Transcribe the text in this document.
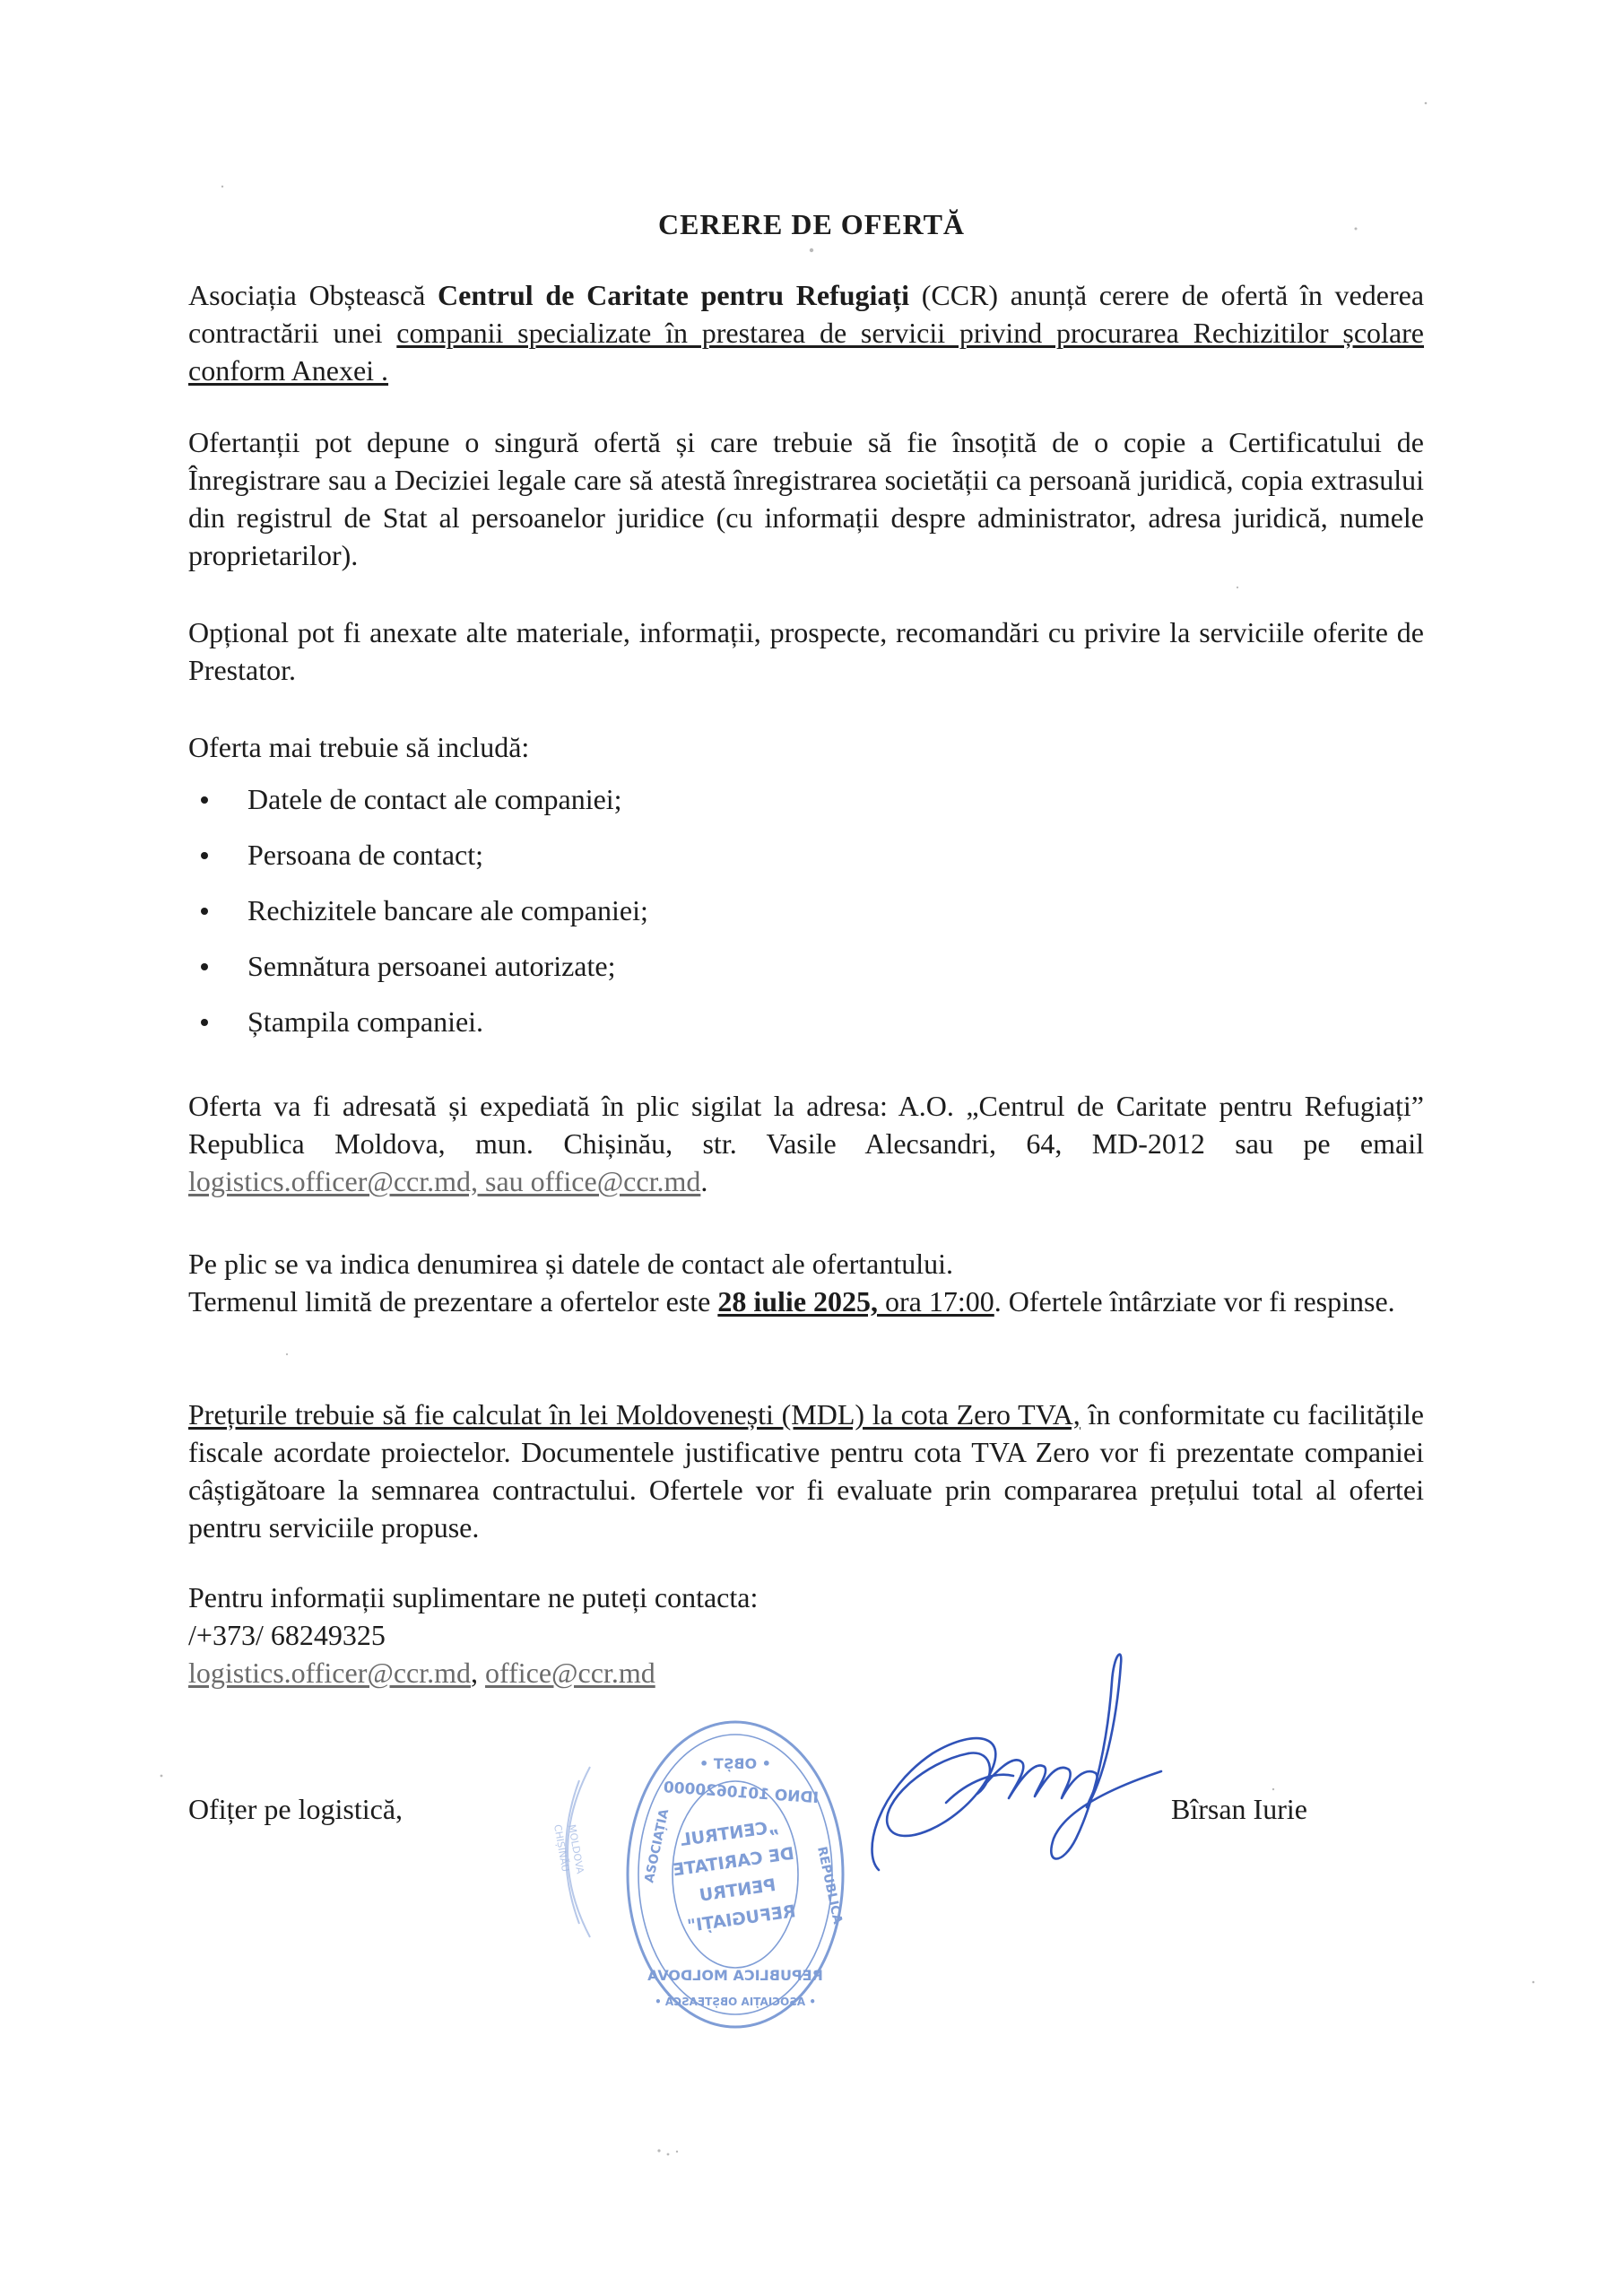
CERERE DE OFERTĂ

Asociația Obștească Centrul de Caritate pentru Refugiați (CCR) anunță cerere de ofertă în vederea contractării unei companii specializate în prestarea de servicii privind procurarea Rechizitilor școlare conform Anexei .

Ofertanții pot depune o singură ofertă și care trebuie să fie însoțită de o copie a Certificatului de Înregistrare sau a Deciziei legale care să atestă înregistrarea societății ca persoană juridică, copia extrasului din registrul de Stat al persoanelor juridice (cu informații despre administrator, adresa juridică, numele proprietarilor).

Opțional pot fi anexate alte materiale, informații, prospecte, recomandări cu privire la serviciile oferite de Prestator.

Oferta mai trebuie să includă:

Datele de contact ale companiei;
Persoana de contact;
Rechizitele bancare ale companiei;
Semnătura persoanei autorizate;
Ștampila companiei.

Oferta va fi adresată și expediată în plic sigilat la adresa: A.O. „Centrul de Caritate pentru Refugiați” Republica Moldova, mun. Chișinău, str. Vasile Alecsandri, 64, MD-2012 sau pe email logistics.officer@ccr.md, sau office@ccr.md.

Pe plic se va indica denumirea și datele de contact ale ofertantului.

Termenul limită de prezentare a ofertelor este 28 iulie 2025, ora 17:00. Ofertele întârziate vor fi respinse.

Prețurile trebuie să fie calculat în lei Moldovenești (MDL) la cota Zero TVA, în conformitate cu facilitățile fiscale acordate proiectelor. Documentele justificative pentru cota TVA Zero vor fi prezentate companiei câștigătoare la semnarea contractului. Ofertele vor fi evaluate prin compararea prețului total al ofertei pentru serviciile propuse.

Pentru informații suplimentare ne puteți contacta:
/+373/ 68249325
logistics.officer@ccr.md, office@ccr.md
Ofițer pe logistică,	Bîrsan Iurie
CHIȘINĂU
MOLDOVA
• OBȘT •
IDNO 1010620000
„CENTRUL
DE CARITATE
PENTRU
REFUGIAȚI"
REPUBLICA MOLDOVA
• ASOCIAȚIA OBȘTEASCĂ •
ASOCIAȚIA	REPUBLICA
